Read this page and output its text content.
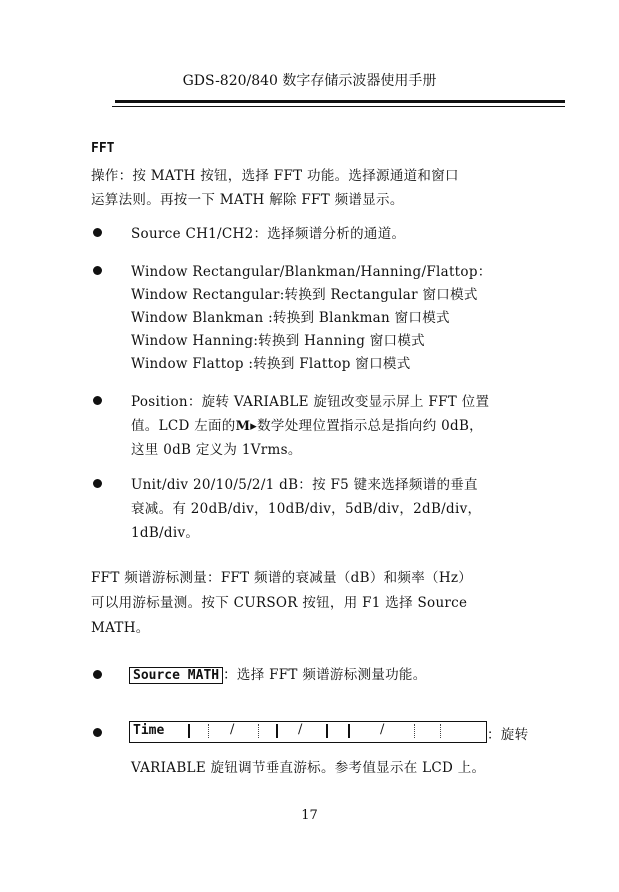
GDS-820/840 数字存储示波器使用手册
FFT
操作：按 MATH 按钮，选择 FFT 功能。选择源通道和窗口
运算法则。再按一下 MATH 解除 FFT 频谱显示。
Source CH1/CH2：选择频谱分析的通道。
Window Rectangular/Blankman/Hanning/Flattop：
Window Rectangular:转换到 Rectangular 窗口模式
Window Blankman :转换到 Blankman 窗口模式
Window Hanning:转换到 Hanning 窗口模式
Window Flattop :转换到 Flattop 窗口模式
Position：旋转 VARIABLE 旋钮改变显示屏上 FFT 位置
值。LCD 左面的M▸数学处理位置指示总是指向约 0dB，
这里 0dB 定义为 1Vrms。
Unit/div 20/10/5/2/1 dB：按 F5 键来选择频谱的垂直
衰减。有 20dB/div，10dB/div，5dB/div，2dB/div，
1dB/div。
FFT 频谱游标测量：FFT 频谱的衰减量（dB）和频率（Hz）
可以用游标量测。按下 CURSOR 按钮，用 F1 选择 Source
MATH。
Source MATH ：选择 FFT 频谱游标测量功能。
Time	/	/	/	：旋转
VARIABLE 旋钮调节垂直游标。参考值显示在 LCD 上。
17
